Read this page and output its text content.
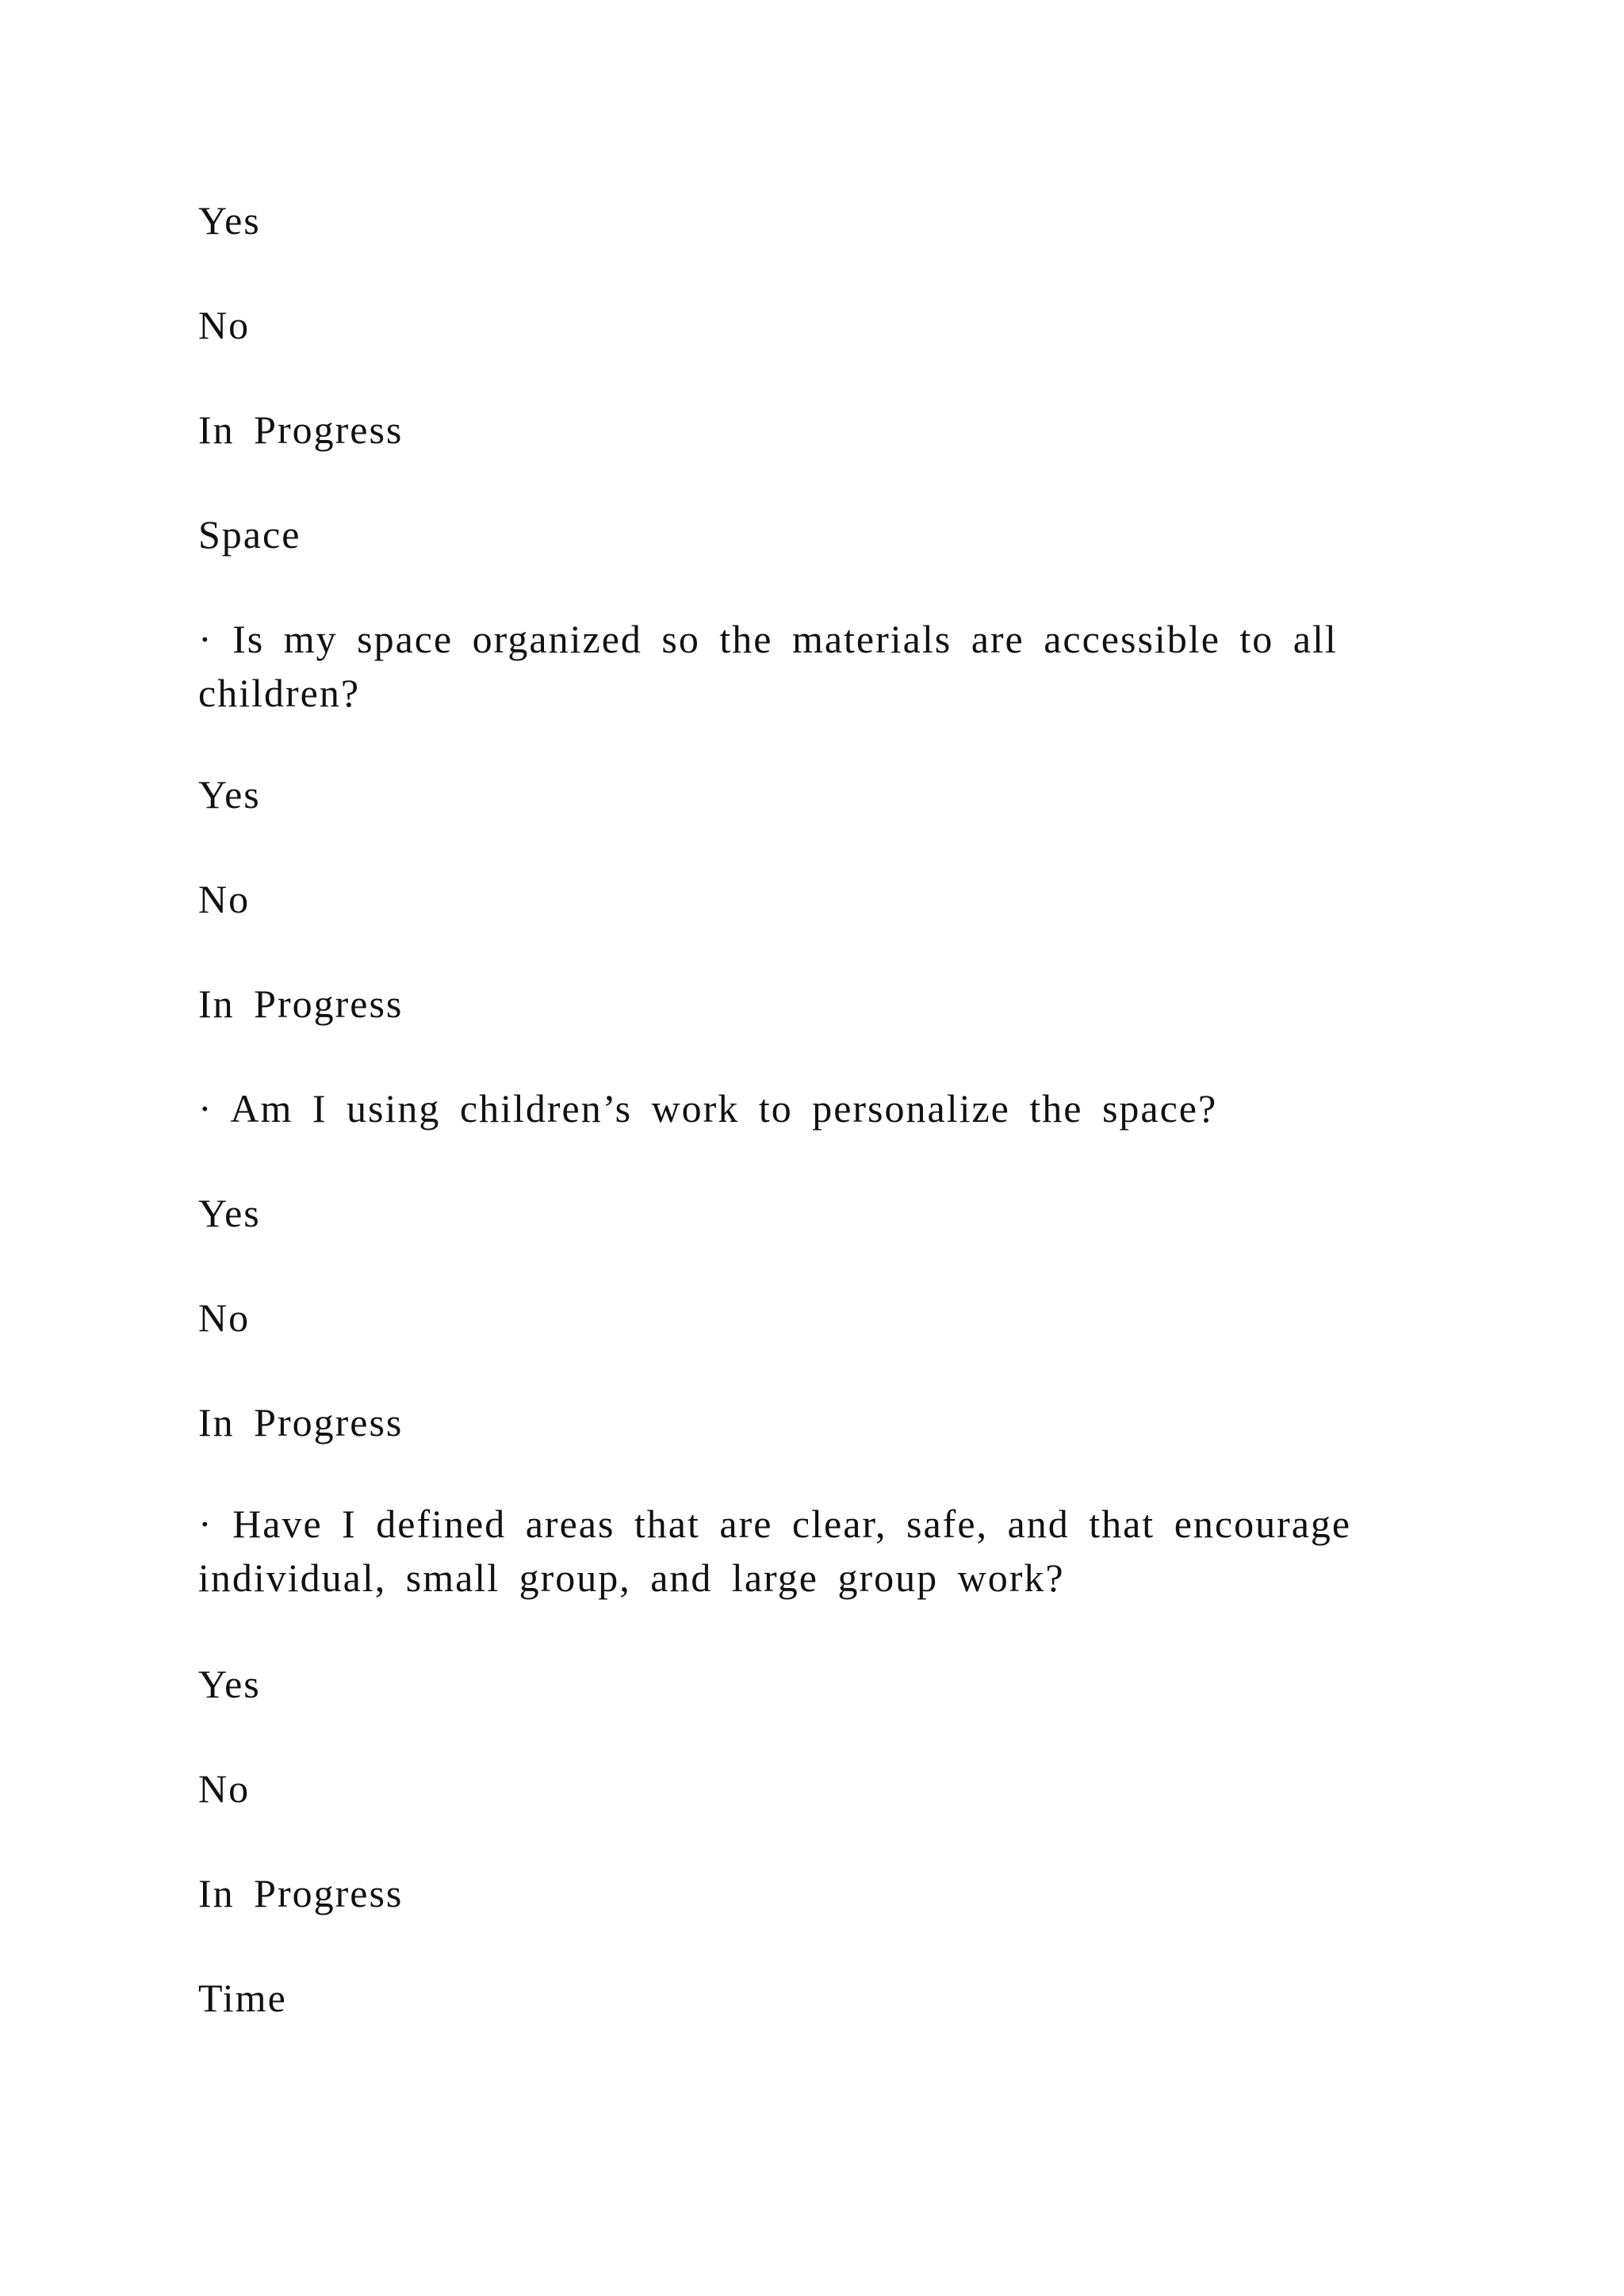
Yes

No

In Progress

Space

· Is my space organized so the materials are accessible to all children?

Yes

No

In Progress

· Am I using children’s work to personalize the space?

Yes

No

In Progress

· Have I defined areas that are clear, safe, and that encourage individual, small group, and large group work?

Yes

No

In Progress

Time
